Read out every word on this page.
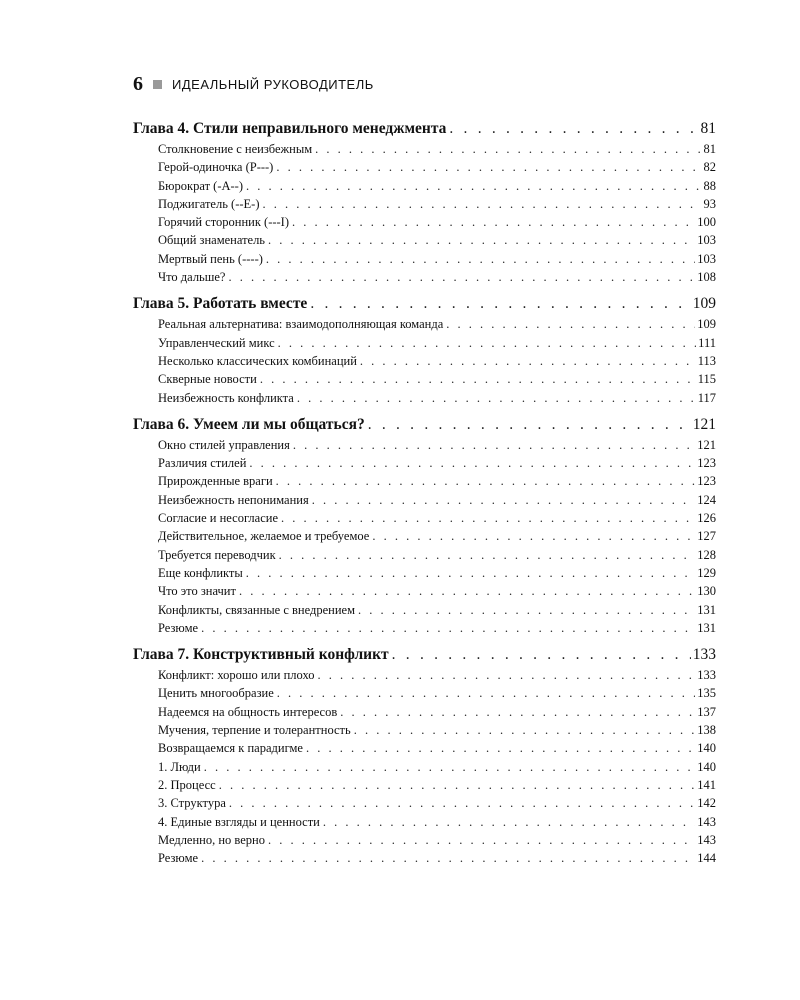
6 ИДЕАЛЬНЫЙ РУКОВОДИТЕЛЬ
Глава 4. Стили неправильного менеджмента . . .	81
Столкновение с неизбежным . . .	81
Герой-одиночка (P---) . . .	82
Бюрократ (-A--) . . .	88
Поджигатель (--E-) . . .	93
Горячий сторонник (---I) . . .	100
Общий знаменатель . . .	103
Мертвый пень (----) . . .	103
Что дальше? . . .	108
Глава 5. Работать вместе . . .	109
Реальная альтернатива: взаимодополняющая команда . . .	109
Управленческий микс . . .	111
Несколько классических комбинаций . . .	113
Скверные новости . . .	115
Неизбежность конфликта . . .	117
Глава 6. Умеем ли мы общаться? . . .	121
Окно стилей управления . . .	121
Различия стилей . . .	123
Прирожденные враги . . .	123
Неизбежность непонимания . . .	124
Согласие и несогласие . . .	126
Действительное, желаемое и требуемое . . .	127
Требуется переводчик . . .	128
Еще конфликты . . .	129
Что это значит . . .	130
Конфликты, связанные с внедрением . . .	131
Резюме . . .	131
Глава 7. Конструктивный конфликт . . .	133
Конфликт: хорошо или плохо . . .	133
Ценить многообразие . . .	135
Надеемся на общность интересов . . .	137
Мучения, терпение и толерантность . . .	138
Возвращаемся к парадигме . . .	140
1. Люди . . .	140
2. Процесс . . .	141
3. Структура . . .	142
4. Единые взгляды и ценности . . .	143
Медленно, но верно . . .	143
Резюме . . .	144
